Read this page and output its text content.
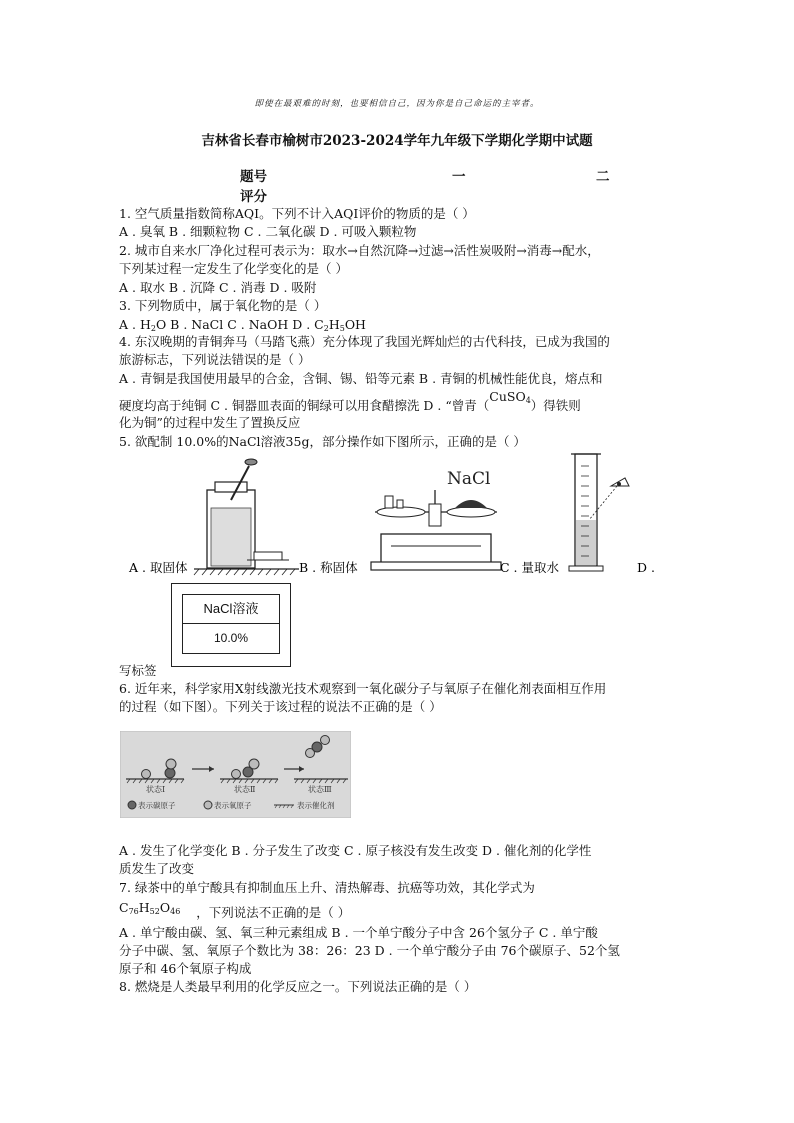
即使在最艰难的时刻，也要相信自己，因为你是自己命运的主宰者。
吉林省长春市榆树市2023-2024学年九年级下学期化学期中试题
题号	一	二
评分
1. 空气质量指数简称AQI。下列不计入AQI评价的物质的是（ ）
A . 臭氧 B . 细颗粒物 C . 二氧化碳 D . 可吸入颗粒物
2. 城市自来水厂净化过程可表示为：取水→自然沉降→过滤→活性炭吸附→消毒→配水，
下列某过程一定发生了化学变化的是（ ）
A . 取水 B . 沉降 C . 消毒 D . 吸附
3. 下列物质中，属于氧化物的是（ ）
A . $H_2O$ B . NaCl C . NaOH D . $C_2H_5OH$
4. 东汉晚期的青铜奔马（马踏飞燕）充分体现了我国光辉灿烂的古代科技，已成为我国的
旅游标志，下列说法错误的是（ ）
A . 青铜是我国使用最早的合金，含铜、锡、铅等元素 B . 青铜的机械性能优良，熔点和
硬度均高于纯铜 C . 铜器皿表面的铜绿可以用食醋擦洗 D . “曾青（CuSO$_4$）得铁则
化为铜”的过程中发生了置换反应
5. 欲配制 10.0%的NaCl溶液35g，部分操作如下图所示，正确的是（ ）
A . 取固体
NaCl
B . 称固体	C . 量取水	D .
NaCl溶液
10.0%
写标签
6. 近年来，科学家用X射线激光技术观察到一氧化碳分子与氧原子在催化剂表面相互作用
的过程（如下图）。下列关于该过程的说法不正确的是（ ）
状态Ⅰ	状态Ⅱ	状态Ⅲ
表示碳原子	表示氧原子	表示催化剂
A . 发生了化学变化 B . 分子发生了改变 C . 原子核没有发生改变 D . 催化剂的化学性
质发生了改变
7. 绿茶中的单宁酸具有抑制血压上升、清热解毒、抗癌等功效，其化学式为
$C_{76}H_{52}O_{46}$ ，下列说法不正确的是（ ）
A . 单宁酸由碳、氢、氧三种元素组成 B . 一个单宁酸分子中含 26个氢分子 C . 单宁酸
分子中碳、氢、氧原子个数比为 38：26：23 D . 一个单宁酸分子由 76个碳原子、52个氢
原子和 46个氧原子构成
8. 燃烧是人类最早利用的化学反应之一。下列说法正确的是（ ）
